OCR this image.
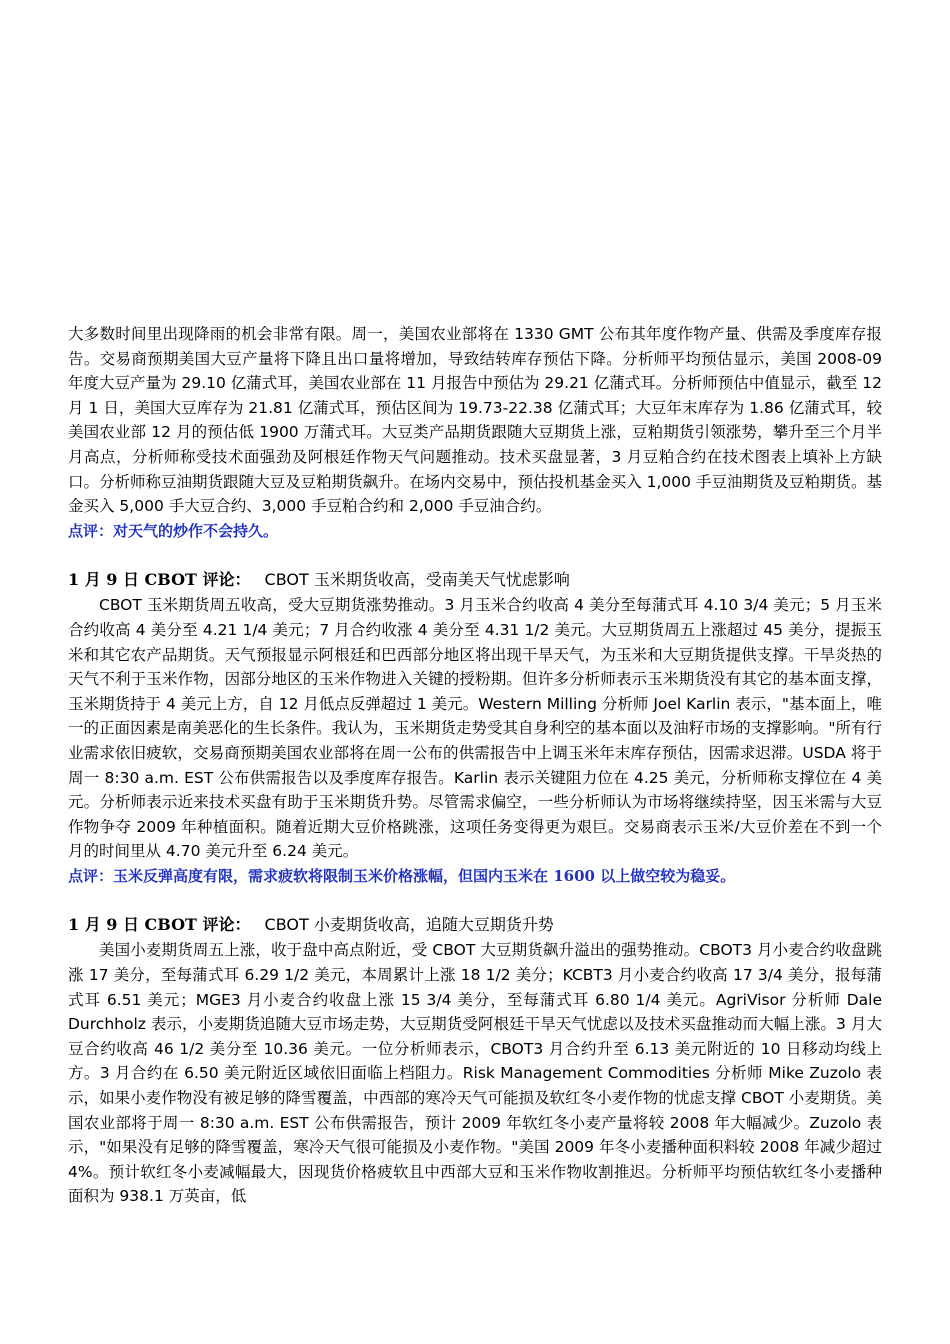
大多数时间里出现降雨的机会非常有限。周一，美国农业部将在 1330 GMT 公布其年度作物产量、供需及季度库存报告。交易商预期美国大豆产量将下降且出口量将增加，导致结转库存预估下降。分析师平均预估显示，美国 2008-09 年度大豆产量为 29.10 亿蒲式耳，美国农业部在 11 月报告中预估为 29.21 亿蒲式耳。分析师预估中值显示，截至 12 月 1 日，美国大豆库存为 21.81 亿蒲式耳，预估区间为 19.73-22.38 亿蒲式耳；大豆年末库存为 1.86 亿蒲式耳，较美国农业部 12 月的预估低 1900 万蒲式耳。大豆类产品期货跟随大豆期货上涨，豆粕期货引领涨势，攀升至三个月半月高点，分析师称受技术面强劲及阿根廷作物天气问题推动。技术买盘显著，3 月豆粕合约在技术图表上填补上方缺口。分析师称豆油期货跟随大豆及豆粕期货飙升。在场内交易中，预估投机基金买入 1,000 手豆油期货及豆粕期货。基金买入 5,000 手大豆合约、3,000 手豆粕合约和 2,000 手豆油合约。

点评：对天气的炒作不会持久。

1 月 9 日 CBOT 评论： CBOT 玉米期货收高，受南美天气忧虑影响

CBOT 玉米期货周五收高，受大豆期货涨势推动。3 月玉米合约收高 4 美分至每蒲式耳 4.10 3/4 美元；5 月玉米合约收高 4 美分至 4.21 1/4 美元；7 月合约收涨 4 美分至 4.31 1/2 美元。大豆期货周五上涨超过 45 美分，提振玉米和其它农产品期货。天气预报显示阿根廷和巴西部分地区将出现干旱天气，为玉米和大豆期货提供支撑。干旱炎热的天气不利于玉米作物，因部分地区的玉米作物进入关键的授粉期。但许多分析师表示玉米期货没有其它的基本面支撑，玉米期货持于 4 美元上方，自 12 月低点反弹超过 1 美元。Western Milling 分析师 Joel Karlin 表示，"基本面上，唯一的正面因素是南美恶化的生长条件。我认为，玉米期货走势受其自身利空的基本面以及油籽市场的支撑影响。"所有行业需求依旧疲软，交易商预期美国农业部将在周一公布的供需报告中上调玉米年末库存预估，因需求迟滞。USDA 将于周一 8:30 a.m. EST 公布供需报告以及季度库存报告。Karlin 表示关键阻力位在 4.25 美元，分析师称支撑位在 4 美元。分析师表示近来技术买盘有助于玉米期货升势。尽管需求偏空，一些分析师认为市场将继续持坚，因玉米需与大豆作物争夺 2009 年种植面积。随着近期大豆价格跳涨，这项任务变得更为艰巨。交易商表示玉米/大豆价差在不到一个月的时间里从 4.70 美元升至 6.24 美元。

点评：玉米反弹高度有限，需求疲软将限制玉米价格涨幅，但国内玉米在 1600 以上做空较为稳妥。

1 月 9 日 CBOT 评论： CBOT 小麦期货收高，追随大豆期货升势

美国小麦期货周五上涨，收于盘中高点附近，受 CBOT 大豆期货飙升溢出的强势推动。CBOT3 月小麦合约收盘跳涨 17 美分，至每蒲式耳 6.29 1/2 美元，本周累计上涨 18 1/2 美分；KCBT3 月小麦合约收高 17 3/4 美分，报每蒲式耳 6.51 美元；MGE3 月小麦合约收盘上涨 15 3/4 美分，至每蒲式耳 6.80 1/4 美元。AgriVisor 分析师 Dale Durchholz 表示，小麦期货追随大豆市场走势，大豆期货受阿根廷干旱天气忧虑以及技术买盘推动而大幅上涨。3 月大豆合约收高 46 1/2 美分至 10.36 美元。一位分析师表示，CBOT3 月合约升至 6.13 美元附近的 10 日移动均线上方。3 月合约在 6.50 美元附近区域依旧面临上档阻力。Risk Management Commodities 分析师 Mike Zuzolo 表示，如果小麦作物没有被足够的降雪覆盖，中西部的寒冷天气可能损及软红冬小麦作物的忧虑支撑 CBOT 小麦期货。美国农业部将于周一 8:30 a.m. EST 公布供需报告，预计 2009 年软红冬小麦产量将较 2008 年大幅减少。Zuzolo 表示，"如果没有足够的降雪覆盖，寒冷天气很可能损及小麦作物。"美国 2009 年冬小麦播种面积料较 2008 年减少超过 4%。预计软红冬小麦减幅最大，因现货价格疲软且中西部大豆和玉米作物收割推迟。分析师平均预估软红冬小麦播种面积为 938.1 万英亩，低
